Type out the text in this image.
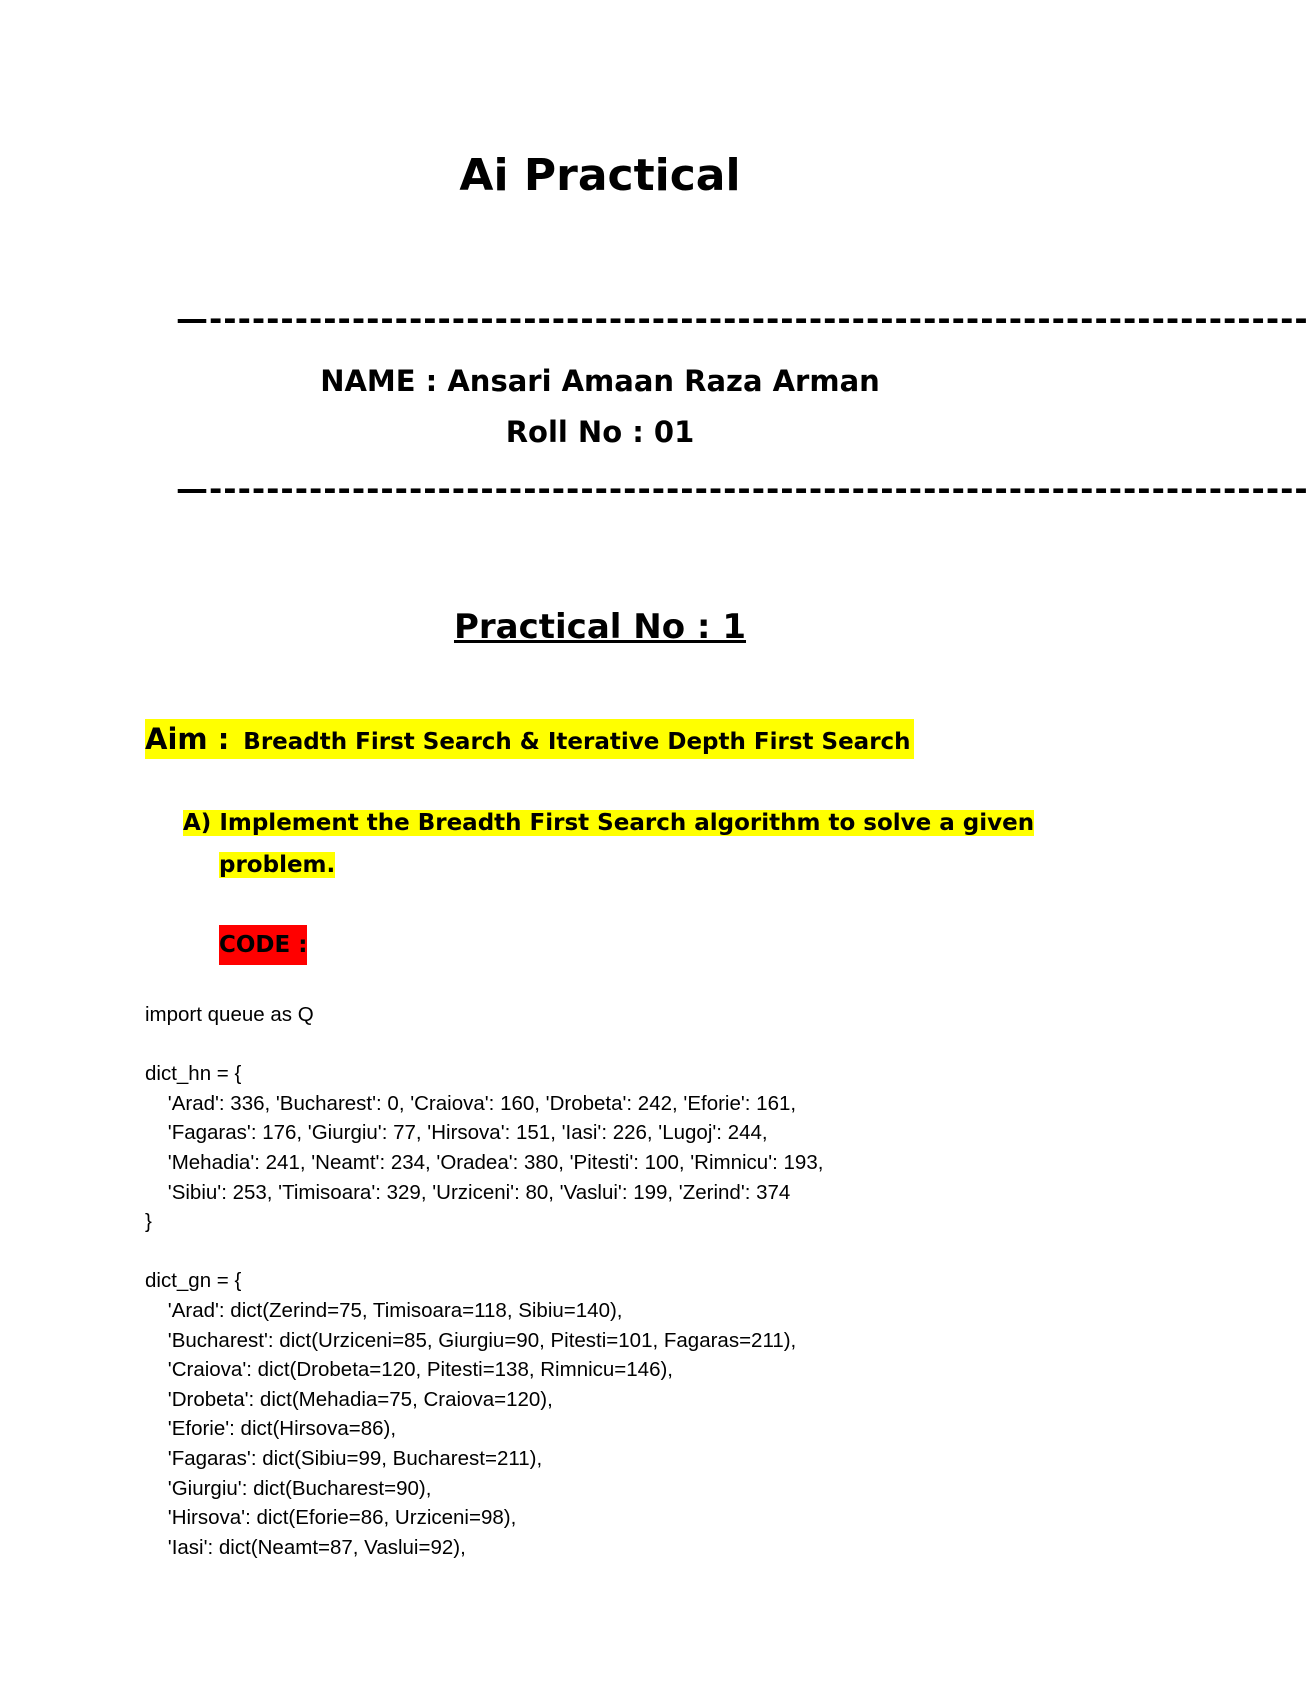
Ai Practical
—-----------------------------------------------------------------------------
NAME : Ansari Amaan Raza Arman
Roll No : 01
—-----------------------------------------------------------------------------
Practical No : 1
Aim : Breadth First Search & Iterative Depth First Search
A) Implement the Breadth First Search algorithm to solve a given
problem.
CODE :
import queue as Q
dict_hn = {
'Arad': 336, 'Bucharest': 0, 'Craiova': 160, 'Drobeta': 242, 'Eforie': 161,
'Fagaras': 176, 'Giurgiu': 77, 'Hirsova': 151, 'Iasi': 226, 'Lugoj': 244,
'Mehadia': 241, 'Neamt': 234, 'Oradea': 380, 'Pitesti': 100, 'Rimnicu': 193,
'Sibiu': 253, 'Timisoara': 329, 'Urziceni': 80, 'Vaslui': 199, 'Zerind': 374
}
dict_gn = {
'Arad': dict(Zerind=75, Timisoara=118, Sibiu=140),
'Bucharest': dict(Urziceni=85, Giurgiu=90, Pitesti=101, Fagaras=211),
'Craiova': dict(Drobeta=120, Pitesti=138, Rimnicu=146),
'Drobeta': dict(Mehadia=75, Craiova=120),
'Eforie': dict(Hirsova=86),
'Fagaras': dict(Sibiu=99, Bucharest=211),
'Giurgiu': dict(Bucharest=90),
'Hirsova': dict(Eforie=86, Urziceni=98),
'Iasi': dict(Neamt=87, Vaslui=92),
